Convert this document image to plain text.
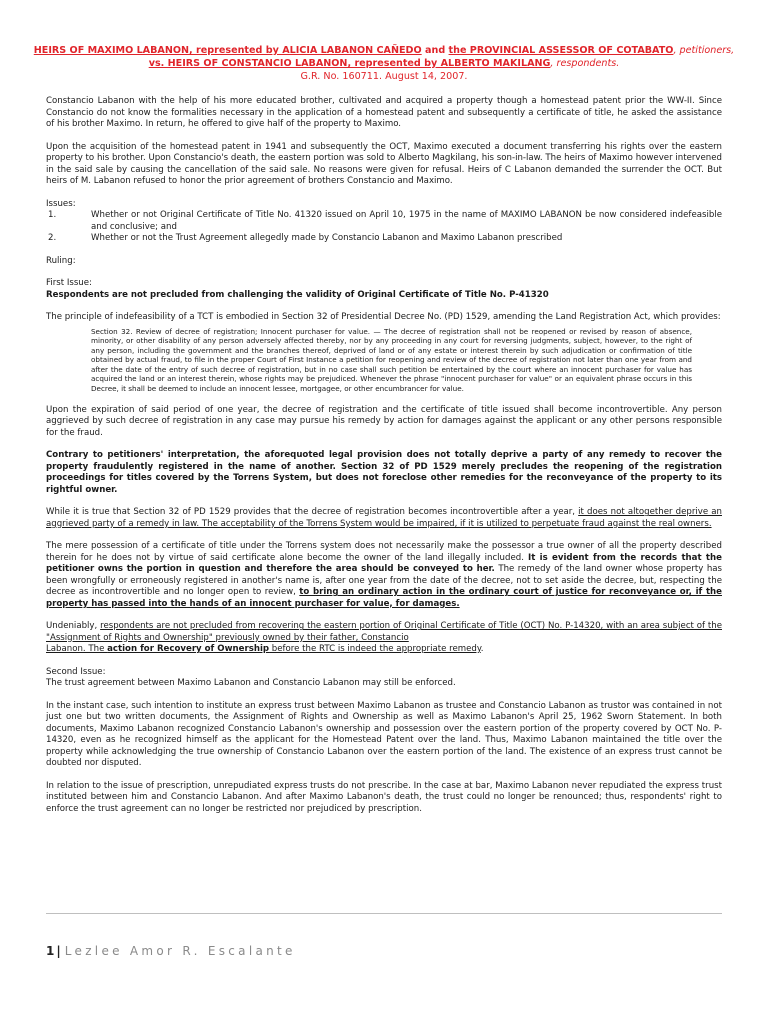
HEIRS OF MAXIMO LABANON, represented by ALICIA LABANON CAÑEDO and the PROVINCIAL ASSESSOR OF COTABATO, petitioners,
vs. HEIRS OF CONSTANCIO LABANON, represented by ALBERTO MAKILANG, respondents.
G.R. No. 160711. August 14, 2007.

Constancio Labanon with the help of his more educated brother, cultivated and acquired a property though a homestead patent prior the WW-II. Since Constancio do not know the formalities necessary in the application of a homestead patent and subsequently a certificate of title, he asked the assistance of his brother Maximo. In return, he offered to give half of the property to Maximo.

Upon the acquisition of the homestead patent in 1941 and subsequently the OCT, Maximo executed a document transferring his rights over the eastern property to his brother. Upon Constancio's death, the eastern portion was sold to Alberto Magkilang, his son-in-law. The heirs of Maximo however intervened in the said sale by causing the cancellation of the said sale. No reasons were given for refusal. Heirs of C Labanon demanded the surrender the OCT. But heirs of M. Labanon refused to honor the prior agreement of brothers Constancio and Maximo.

Issues:

1.	Whether or not Original Certificate of Title No. 41320 issued on April 10, 1975 in the name of MAXIMO LABANON be now considered indefeasible and conclusive; and
2.	Whether or not the Trust Agreement allegedly made by Constancio Labanon and Maximo Labanon prescribed

Ruling:

First Issue:

Respondents are not precluded from challenging the validity of Original Certificate of Title No. P-41320

The principle of indefeasibility of a TCT is embodied in Section 32 of Presidential Decree No. (PD) 1529, amending the Land Registration Act, which provides:

Section 32. Review of decree of registration; Innocent purchaser for value. — The decree of registration shall not be reopened or revised by reason of absence, minority, or other disability of any person adversely affected thereby, nor by any proceeding in any court for reversing judgments, subject, however, to the right of any person, including the government and the branches thereof, deprived of land or of any estate or interest therein by such adjudication or confirmation of title obtained by actual fraud, to file in the proper Court of First Instance a petition for reopening and review of the decree of registration not later than one year from and after the date of the entry of such decree of registration, but in no case shall such petition be entertained by the court where an innocent purchaser for value has acquired the land or an interest therein, whose rights may be prejudiced. Whenever the phrase "innocent purchaser for value" or an equivalent phrase occurs in this Decree, it shall be deemed to include an innocent lessee, mortgagee, or other encumbrancer for value.

Upon the expiration of said period of one year, the decree of registration and the certificate of title issued shall become incontrovertible. Any person aggrieved by such decree of registration in any case may pursue his remedy by action for damages against the applicant or any other persons responsible for the fraud.

Contrary to petitioners' interpretation, the aforequoted legal provision does not totally deprive a party of any remedy to recover the property fraudulently registered in the name of another. Section 32 of PD 1529 merely precludes the reopening of the registration proceedings for titles covered by the Torrens System, but does not foreclose other remedies for the reconveyance of the property to its rightful owner.

While it is true that Section 32 of PD 1529 provides that the decree of registration becomes incontrovertible after a year, it does not altogether deprive an aggrieved party of a remedy in law. The acceptability of the Torrens System would be impaired, if it is utilized to perpetuate fraud against the real owners.

The mere possession of a certificate of title under the Torrens system does not necessarily make the possessor a true owner of all the property described therein for he does not by virtue of said certificate alone become the owner of the land illegally included. It is evident from the records that the petitioner owns the portion in question and therefore the area should be conveyed to her. The remedy of the land owner whose property has been wrongfully or erroneously registered in another's name is, after one year from the date of the decree, not to set aside the decree, but, respecting the decree as incontrovertible and no longer open to review, to bring an ordinary action in the ordinary court of justice for reconveyance or, if the property has passed into the hands of an innocent purchaser for value, for damages.

Undeniably, respondents are not precluded from recovering the eastern portion of Original Certificate of Title (OCT) No. P-14320, with an area subject of the "Assignment of Rights and Ownership" previously owned by their father, Constancio
Labanon. The action for Recovery of Ownership before the RTC is indeed the appropriate remedy.

Second Issue:

The trust agreement between Maximo Labanon and Constancio Labanon may still be enforced.

In the instant case, such intention to institute an express trust between Maximo Labanon as trustee and Constancio Labanon as trustor was contained in not just one but two written documents, the Assignment of Rights and Ownership as well as Maximo Labanon's April 25, 1962 Sworn Statement. In both documents, Maximo Labanon recognized Constancio Labanon's ownership and possession over the eastern portion of the property covered by OCT No. P-14320, even as he recognized himself as the applicant for the Homestead Patent over the land. Thus, Maximo Labanon maintained the title over the property while acknowledging the true ownership of Constancio Labanon over the eastern portion of the land. The existence of an express trust cannot be doubted nor disputed.

In relation to the issue of prescription, unrepudiated express trusts do not prescribe. In the case at bar, Maximo Labanon never repudiated the express trust instituted between him and Constancio Labanon. And after Maximo Labanon's death, the trust could no longer be renounced; thus, respondents' right to enforce the trust agreement can no longer be restricted nor prejudiced by prescription.

1 | Lezlee Amor R. Escalante
